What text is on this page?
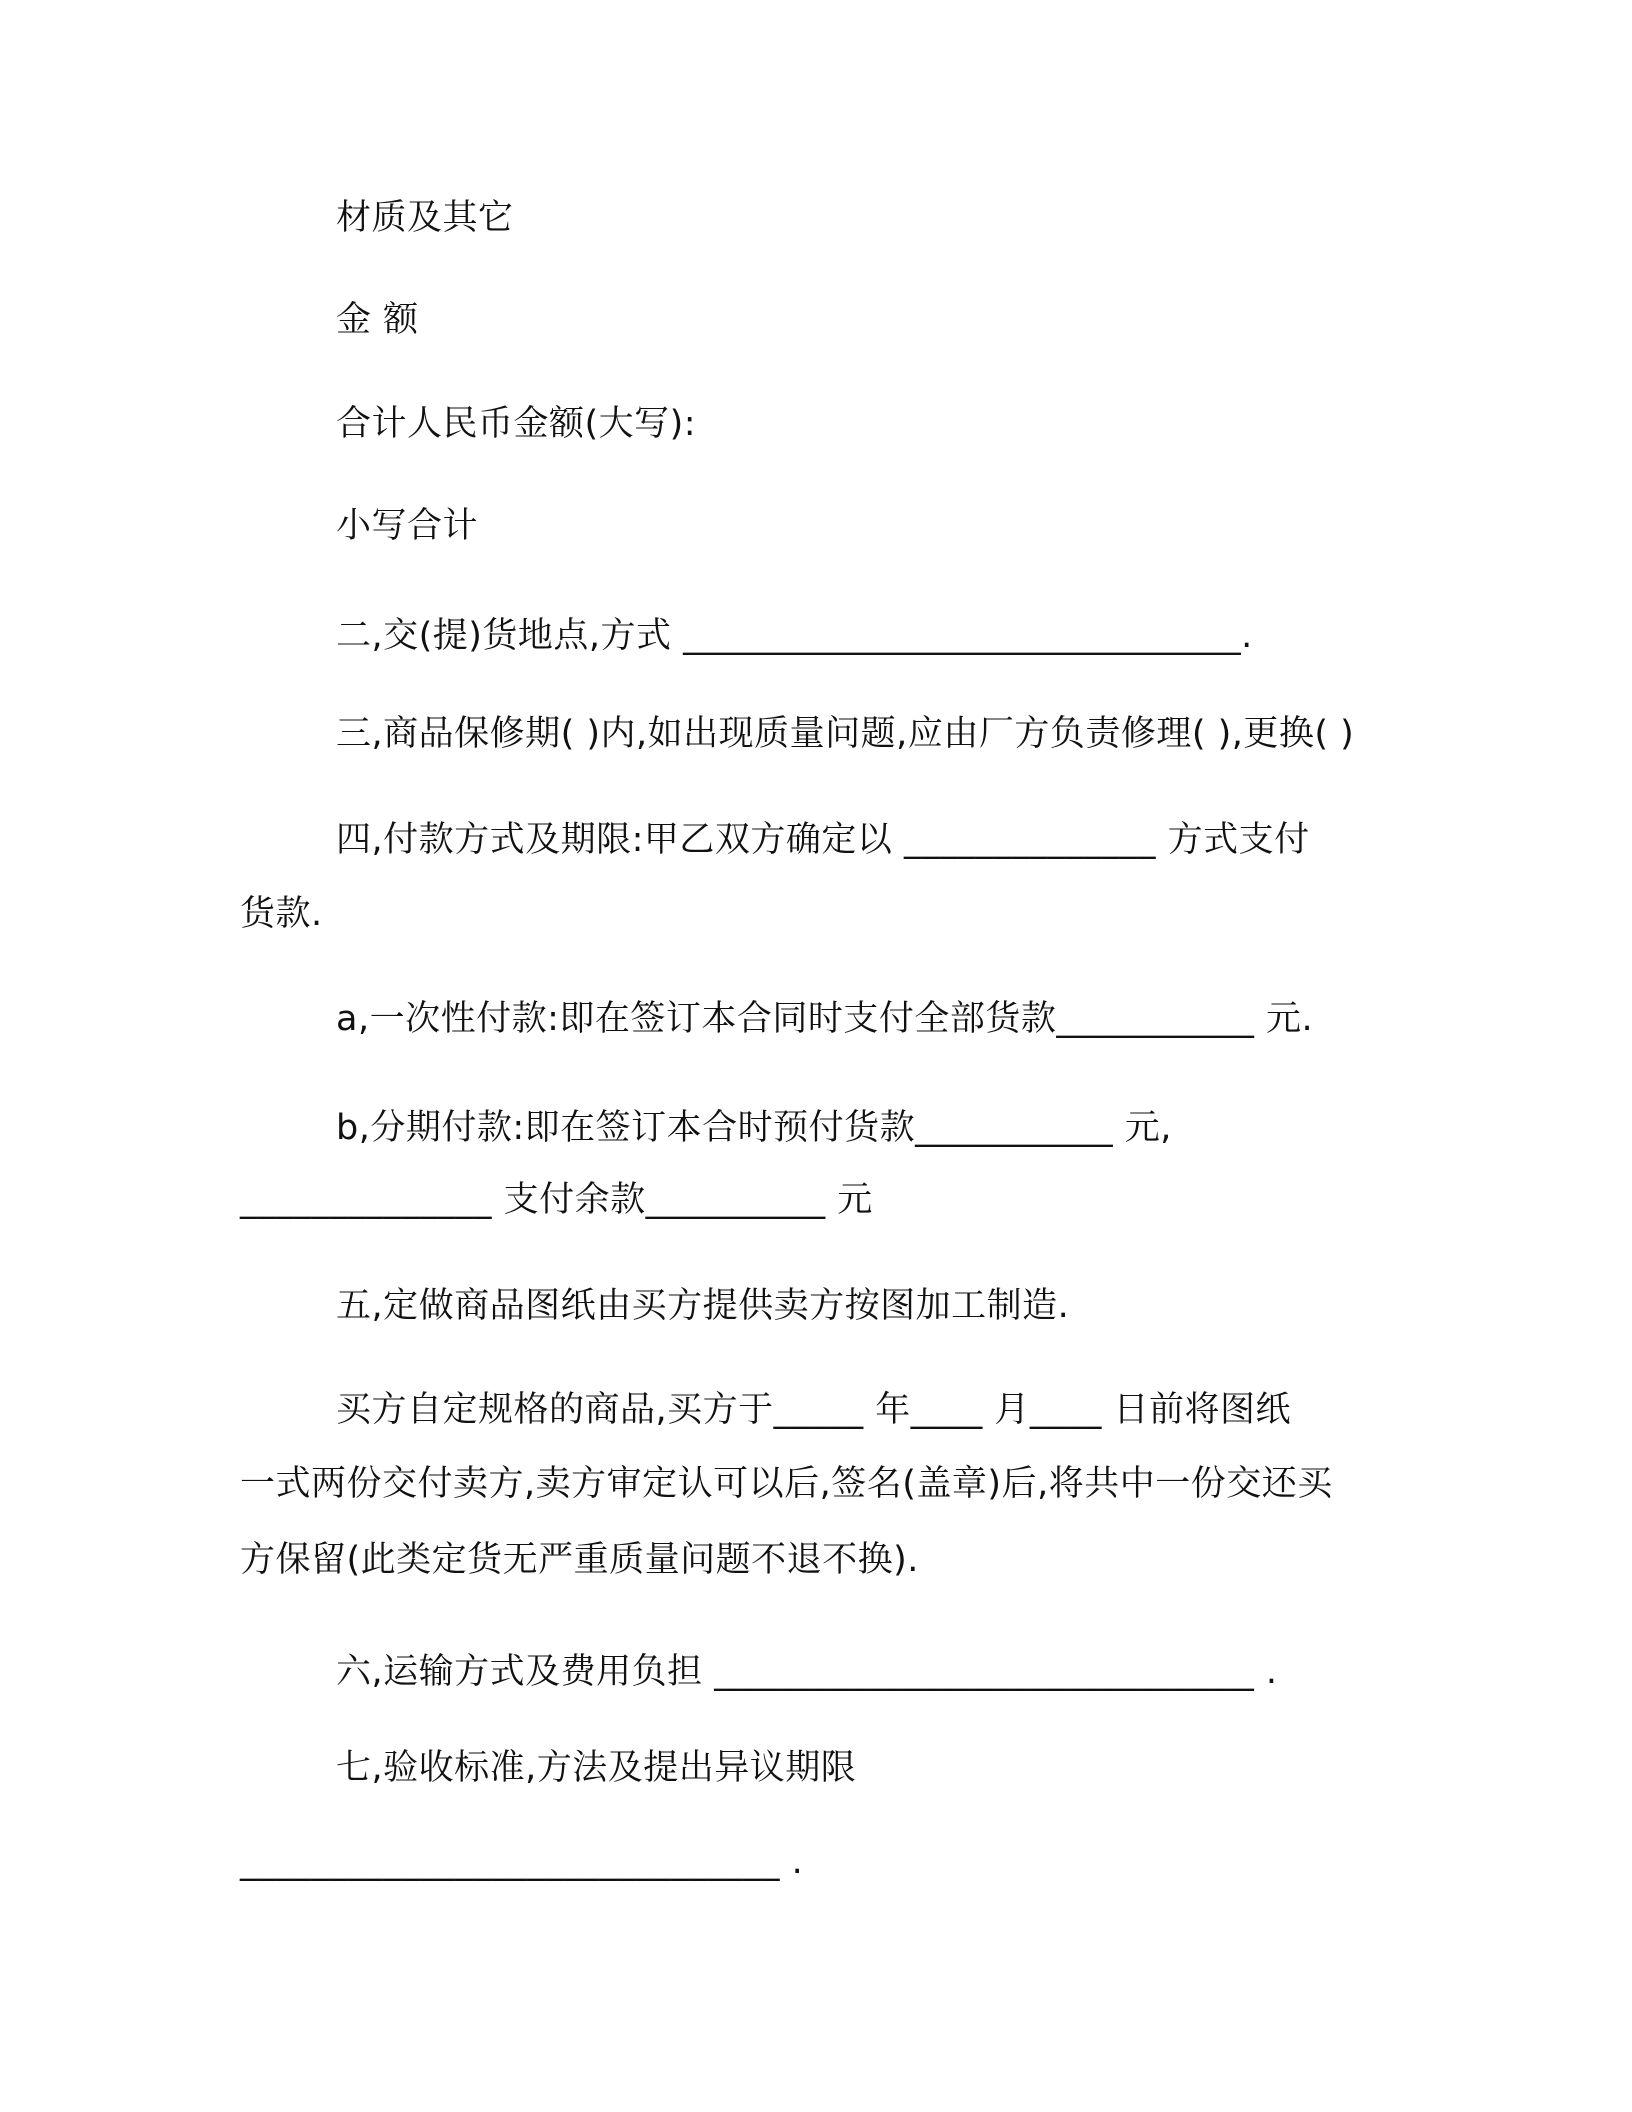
材质及其它
金 额
合计人民币金额(大写):
小写合计
二,交(提)货地点,方式 _______________________________.
三,商品保修期( )内,如出现质量问题,应由厂方负责修理( ),更换( )
四,付款方式及期限:甲乙双方确定以 ______________ 方式支付
货款.
a,一次性付款:即在签订本合同时支付全部货款___________ 元.
b,分期付款:即在签订本合时预付货款___________ 元,
______________ 支付余款__________ 元
五,定做商品图纸由买方提供卖方按图加工制造.
买方自定规格的商品,买方于_____ 年____ 月____ 日前将图纸
一式两份交付卖方,卖方审定认可以后,签名(盖章)后,将共中一份交还买
方保留(此类定货无严重质量问题不退不换).
六,运输方式及费用负担 ______________________________ .
七,验收标准,方法及提出异议期限
______________________________ .
